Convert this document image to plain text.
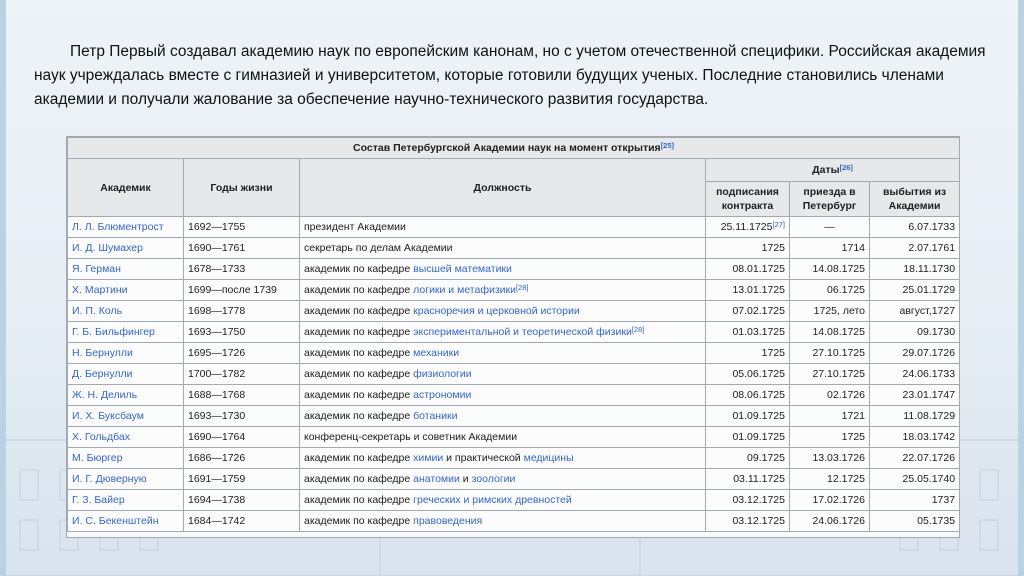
Петр Первый создавал академию наук по европейским канонам, но с учетом отечественной специфики. Российская академия наук учреждалась вместе с гимназией и университетом, которые готовили будущих ученых. Последние становились членами академии и получали жалование за обеспечение научно-технического развития государства.

Состав Петербургской Академии наук на момент открытия[25]
Академик	Годы жизни	Должность	Даты[26]
			подписания контракта	приезда в Петербург	выбытия из Академии
Л. Л. Блюментрост	1692—1755	президент Академии	25.11.1725[27]	—	6.07.1733
И. Д. Шумахер	1690—1761	секретарь по делам Академии	1725	1714	2.07.1761
Я. Герман	1678—1733	академик по кафедре высшей математики	08.01.1725	14.08.1725	18.11.1730
Х. Мартини	1699—после 1739	академик по кафедре логики и метафизики[28]	13.01.1725	06.1725	25.01.1729
И. П. Коль	1698—1778	академик по кафедре красноречия и церковной истории	07.02.1725	1725, лето	август,1727
Г. Б. Бильфингер	1693—1750	академик по кафедре экспериментальной и теоретической физики[28]	01.03.1725	14.08.1725	09.1730
Н. Бернулли	1695—1726	академик по кафедре механики	1725	27.10.1725	29.07.1726
Д. Бернулли	1700—1782	академик по кафедре физиологии	05.06.1725	27.10.1725	24.06.1733
Ж. Н. Делиль	1688—1768	академик по кафедре астрономии	08.06.1725	02.1726	23.01.1747
И. Х. Буксбаум	1693—1730	академик по кафедре ботаники	01.09.1725	1721	11.08.1729
Х. Гольдбах	1690—1764	конференц-секретарь и советник Академии	01.09.1725	1725	18.03.1742
М. Бюргер	1686—1726	академик по кафедре химии и практической медицины	09.1725	13.03.1726	22.07.1726
И. Г. Дюверную	1691—1759	академик по кафедре анатомии и зоологии	03.11.1725	12.1725	25.05.1740
Г. З. Байер	1694—1738	академик по кафедре греческих и римских древностей	03.12.1725	17.02.1726	1737
И. С. Бекенштейн	1684—1742	академик по кафедре правоведения	03.12.1725	24.06.1726	05.1735
